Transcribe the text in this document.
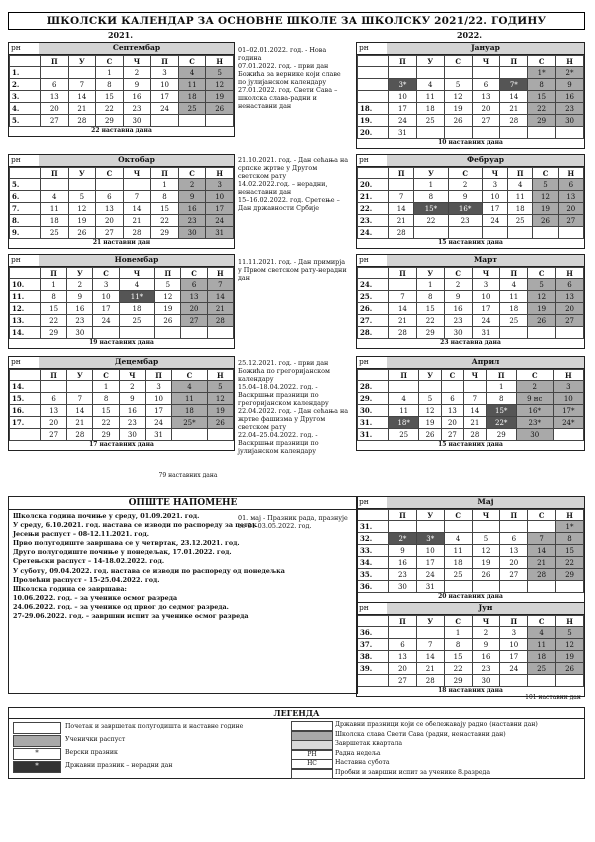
ШКОЛСКИ КАЛЕНДАР ЗА ОСНОВНЕ ШКОЛЕ ЗА ШКОЛСКУ 2021/22. ГОДИНУ
2021.	2022.
рн	Септембар
	П	У	С	Ч	П	С	Н
1.			1	2	3	4	5
2.	6	7	8	9	10	11	12
3.	13	14	15	16	17	18	19
4.	20	21	22	23	24	25	26
5.	27	28	29	30			
22 наставна дана
рн	Октобар
	П	У	С	Ч	П	С	Н
5.					1	2	3
6.	4	5	6	7	8	9	10
7.	11	12	13	14	15	16	17
8.	18	19	20	21	22	23	24
9.	25	26	27	28	29	30	31
21 наставни дан
рн	Новембар
	П	У	С	Ч	П	С	Н
10.	1	2	3	4	5	6	7
11.	8	9	10	11*	12	13	14
12.	15	16	17	18	19	20	21
13.	22	23	24	25	26	27	28
14.	29	30					
19 наставних дана
рн	Децембар
	П	У	С	Ч	П	С	Н
14.			1	2	3	4	5
15.	6	7	8	9	10	11	12
16.	13	14	15	16	17	18	19
17.	20	21	22	23	24	25*	26
	27	28	29	30	31		
17 наставних дана
79 наставних дана
рн	Јануар
	П	У	С	Ч	П	С	Н
						1*	2*
	3*	4	5	6	7*	8	9
	10	11	12	13	14	15	16
18.	17	18	19	20	21	22	23
19.	24	25	26	27	28	29	30
20.	31						
10 наставних дана
рн	Фебруар
	П	У	С	Ч	П	С	Н
20.		1	2	3	4	5	6
21.	7	8	9	10	11	12	13
22.	14	15*	16*	17	18	19	20
23.	21	22	23	24	25	26	27
24.	28						
15 наставних дана
рн	Март
	П	У	С	Ч	П	С	Н
24.		1	2	3	4	5	6
25.	7	8	9	10	11	12	13
26.	14	15	16	17	18	19	20
27.	21	22	23	24	25	26	27
28.	28	29	30	31			
23 наставна дана
рн	Април
	П	У	С	Ч	П	С	Н
28.					1	2	3
29.	4	5	6	7	8	9 нс	10
30.	11	12	13	14	15*	16*	17*
31.	18*	19	20	21	22*	23*	24*
31.	25	26	27	28	29	30	
15 наставних дана
рн	Мај
	П	У	С	Ч	П	С	Н
31.							1*
32.	2*	3*	4	5	6	7	8
33.	9	10	11	12	13	14	15
34.	16	17	18	19	20	21	22
35.	23	24	25	26	27	28	29
36.	30	31					
20 наставних дана
рн	Јун
	П	У	С	Ч	П	С	Н
36.			1	2	3	4	5
37.	6	7	8	9	10	11	12
38.	13	14	15	16	17	18	19
39.	20	21	22	23	24	25	26
	27	28	29	30			
18 наставних дана
101 наставни дан
01–02.01.2022. год. - Нова година
07.01.2022. год. - први дан Божића за вернике који славе по јулијанском календару
27.01.2022. год. Свети Сава – школска слава-радни и ненаставни дан
21.10.2021. год. - Дан сећања на српске жртве у Другом светском рату
14.02.2022.год. – нерадни, ненаставни дан
15–16.02.2022. год. Сретење – Дан државности Србије
11.11.2021. год. - Дан примирја у Првом светском рату-нерадни дан
25.12.2021. год. - први дан Божића по грегоријанском календару
15.04–18.04.2022. год. - Васкршњи празници по грегоријанском календару
22.04.2022. год. - Дан сећања на жртве фашизма у Другом светском рату
22.04–25.04.2022. год. - Васкршњи празници по јулијанском календару
01. мај - Празник рада, празнује се 01-03.05.2022. год.
ОПШТЕ НАПОМЕНЕ
Школска година почиње у среду, 01.09.2021. год.
У среду, 6.10.2021. год. настава се изводи по распореду за петак
Јесењи распуст – 08-12.11.2021. год.
Прво полугодиште завршава се у четвртак, 23.12.2021. год.
Друго полугодиште почиње у понедељак, 17.01.2022. год.
Сретењски распуст – 14-18.02.2022. год.
У суботу, 09.04.2022. год. настава се изводи по распореду од понедељка
Пролећни распуст - 15-25.04.2022. год.
Школска година се завршава:
10.06.2022. год. – за ученике осмог разреда
24.06.2022. год. – за ученике од првог до седмог разреда.
27-29.06.2022. год. – завршни испит за ученике осмог разреда
ЛЕГЕНДА
Почетак и завршетак полугодишта и наставне године
Ученички распуст
*	Верски празник
*	Државни празник – нерадни дан
Државни празници који се обележавају радно (наставни дан)
Школска слава Свети Сава (радни, ненаставни дан)
Завршетак квартала
РН	Радна недеља
НС	Наставна субота
Пробни и завршни испит за ученике 8.разреда
